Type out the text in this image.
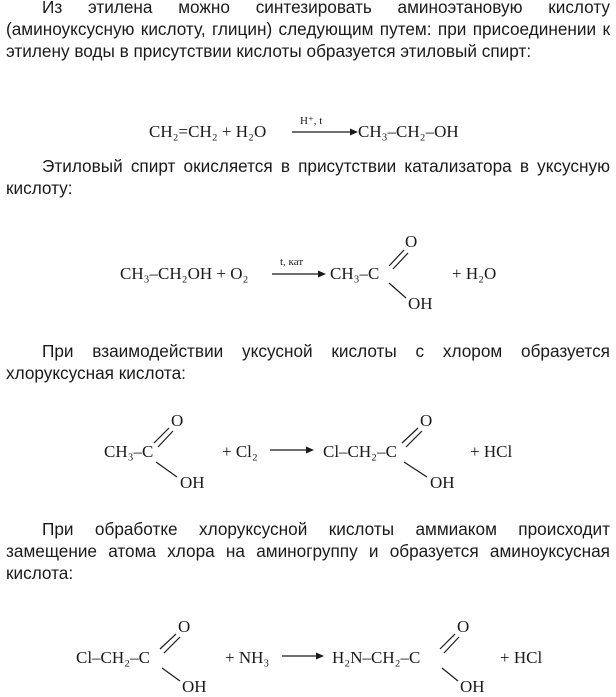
Из этилена можно синтезировать аминоэтановую кислоту (аминоуксусную кислоту, глицин) следующим путем: при присоединении к этилену воды в присутствии кислоты образуется этиловый спирт:

CH₂=CH₂ + H₂O
H⁺, t
CH₃–CH₂–OH

Этиловый спирт окисляется в присутствии катализатора в уксусную кислоту:

CH₃–CH₂OH + O₂
t, кат
CH₃–C
O
OH
+ H₂O

При взаимодействии уксусной кислоты с хлором образуется хлоруксусная кислота:

CH₃–C
O
OH
+ Cl₂	Cl–CH₂–C
O
OH
+ HCl

При обработке хлоруксусной кислоты аммиаком происходит замещение атома хлора на аминогруппу и образуется аминоуксусная кислота:

Cl–CH₂–C
O
OH
+ NH₃	H₂N–CH₂–C
O
OH
+ HCl
